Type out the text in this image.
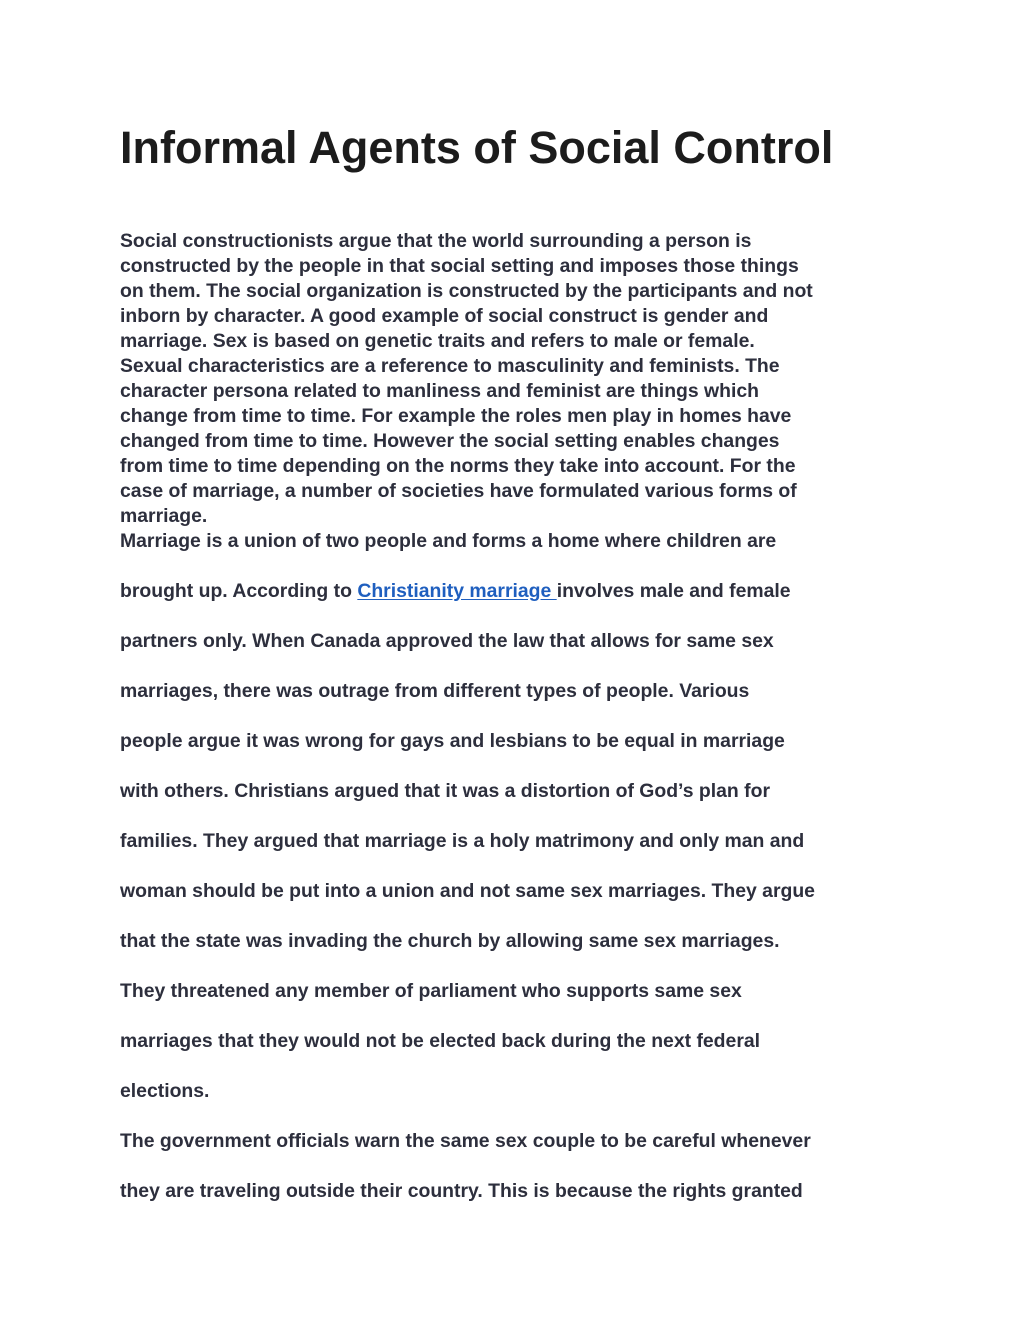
Informal Agents of Social Control
Social constructionists argue that the world surrounding a person is
constructed by the people in that social setting and imposes those things
on them. The social organization is constructed by the participants and not
inborn by character. A good example of social construct is gender and
marriage. Sex is based on genetic traits and refers to male or female.
Sexual characteristics are a reference to masculinity and feminists. The
character persona related to manliness and feminist are things which
change from time to time. For example the roles men play in homes have
changed from time to time. However the social setting enables changes
from time to time depending on the norms they take into account. For the
case of marriage, a number of societies have formulated various forms of
marriage.
Marriage is a union of two people and forms a home where children are
brought up. According to Christianity marriage involves male and female
partners only. When Canada approved the law that allows for same sex
marriages, there was outrage from different types of people. Various
people argue it was wrong for gays and lesbians to be equal in marriage
with others. Christians argued that it was a distortion of God’s plan for
families. They argued that marriage is a holy matrimony and only man and
woman should be put into a union and not same sex marriages. They argue
that the state was invading the church by allowing same sex marriages.
They threatened any member of parliament who supports same sex
marriages that they would not be elected back during the next federal
elections.
The government officials warn the same sex couple to be careful whenever
they are traveling outside their country. This is because the rights granted
